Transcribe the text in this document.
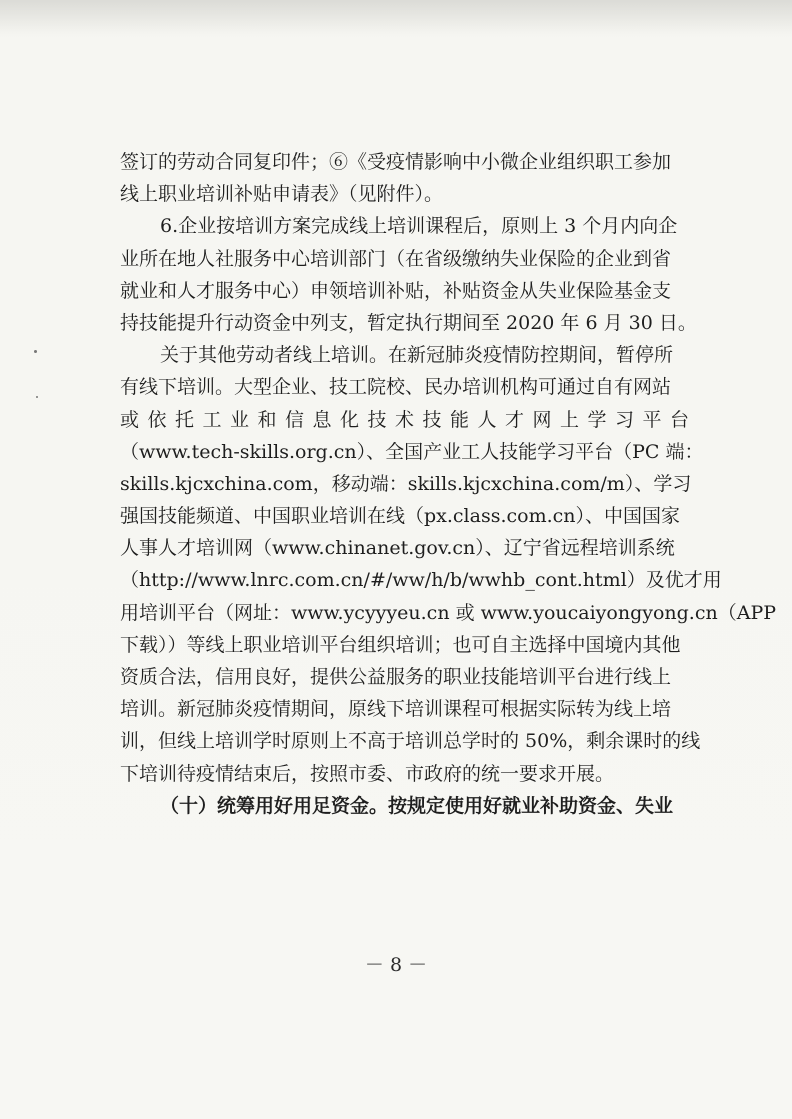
签订的劳动合同复印件；⑥《受疫情影响中小微企业组织职工参加
线上职业培训补贴申请表》（见附件）。
6.企业按培训方案完成线上培训课程后，原则上 3 个月内向企
业所在地人社服务中心培训部门（在省级缴纳失业保险的企业到省
就业和人才服务中心）申领培训补贴，补贴资金从失业保险基金支
持技能提升行动资金中列支，暂定执行期间至 2020 年 6 月 30 日。
关于其他劳动者线上培训。在新冠肺炎疫情防控期间，暂停所
有线下培训。大型企业、技工院校、民办培训机构可通过自有网站
或依托工业和信息化技术技能人才网上学习平台
（www.tech-skills.org.cn）、全国产业工人技能学习平台（PC 端：
skills.kjcxchina.com，移动端：skills.kjcxchina.com/m）、学习
强国技能频道、中国职业培训在线（px.class.com.cn）、中国国家
人事人才培训网（www.chinanet.gov.cn）、辽宁省远程培训系统
（http://www.lnrc.com.cn/#/ww/h/b/wwhb_cont.html）及优才用
用培训平台（网址：www.ycyyyeu.cn 或 www.youcaiyongyong.cn（APP
下载））等线上职业培训平台组织培训；也可自主选择中国境内其他
资质合法，信用良好，提供公益服务的职业技能培训平台进行线上
培训。新冠肺炎疫情期间，原线下培训课程可根据实际转为线上培
训，但线上培训学时原则上不高于培训总学时的 50%，剩余课时的线
下培训待疫情结束后，按照市委、市政府的统一要求开展。
（十）统筹用好用足资金。按规定使用好就业补助资金、失业
－ 8 －
